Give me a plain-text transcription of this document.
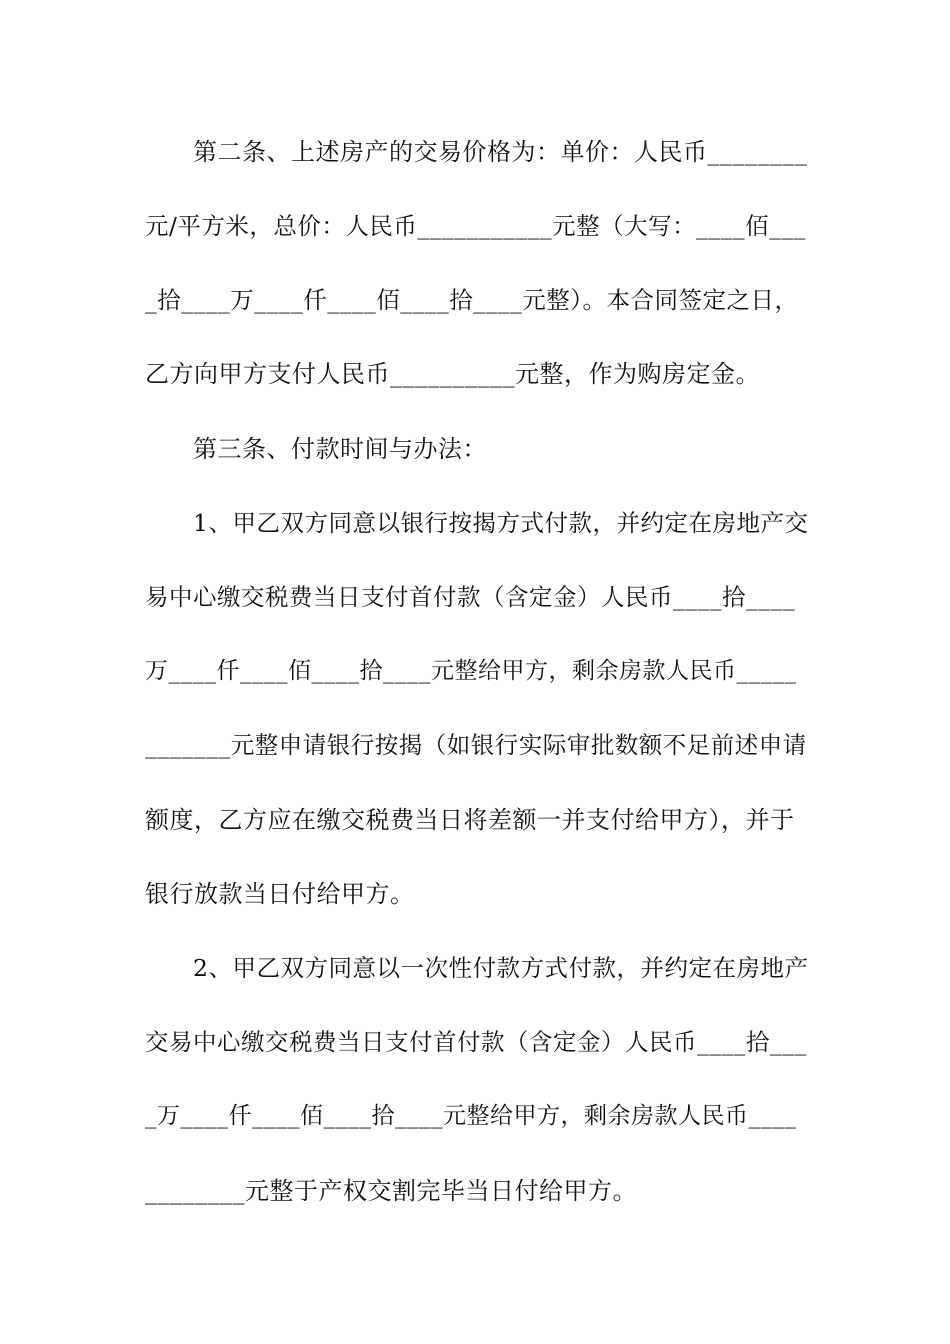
第二条、上述房产的交易价格为：单价：人民币________
元/平方米，总价：人民币___________元整（大写：____佰___
_拾____万____仟____佰____拾____元整）。本合同签定之日，
乙方向甲方支付人民币__________元整，作为购房定金。
第三条、付款时间与办法：
1、甲乙双方同意以银行按揭方式付款，并约定在房地产交
易中心缴交税费当日支付首付款（含定金）人民币____拾____
万____仟____佰____拾____元整给甲方，剩余房款人民币_____
_______元整申请银行按揭（如银行实际审批数额不足前述申请
额度，乙方应在缴交税费当日将差额一并支付给甲方），并于
银行放款当日付给甲方。
2、甲乙双方同意以一次性付款方式付款，并约定在房地产
交易中心缴交税费当日支付首付款（含定金）人民币____拾___
_万____仟____佰____拾____元整给甲方，剩余房款人民币____
________元整于产权交割完毕当日付给甲方。
